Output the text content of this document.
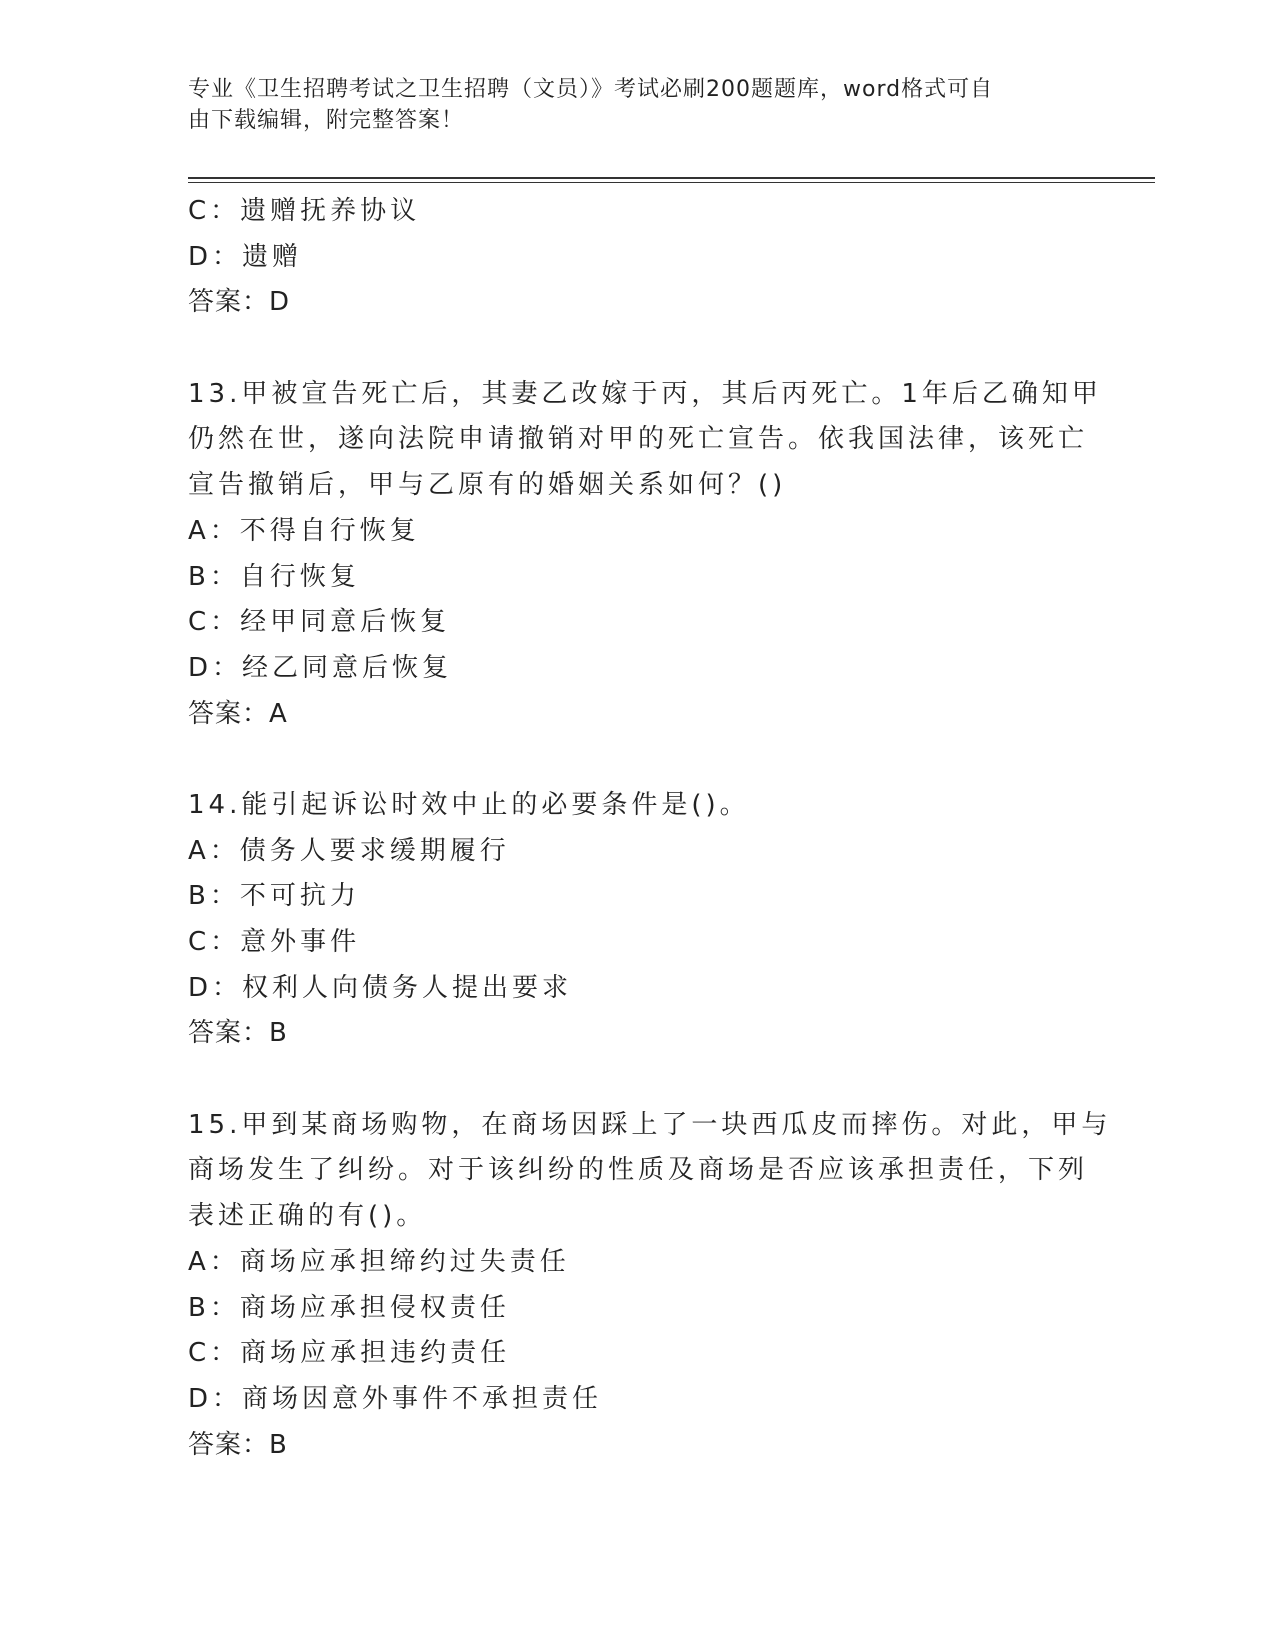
专业《卫生招聘考试之卫生招聘（文员）》考试必刷200题题库，word格式可自
由下载编辑，附完整答案！
C：遗赠抚养协议
D：遗赠
答案：D
13.甲被宣告死亡后，其妻乙改嫁于丙，其后丙死亡。1年后乙确知甲
仍然在世，遂向法院申请撤销对甲的死亡宣告。依我国法律，该死亡
宣告撤销后，甲与乙原有的婚姻关系如何？()
A：不得自行恢复
B：自行恢复
C：经甲同意后恢复
D：经乙同意后恢复
答案：A
14.能引起诉讼时效中止的必要条件是()。
A：债务人要求缓期履行
B：不可抗力
C：意外事件
D：权利人向债务人提出要求
答案：B
15.甲到某商场购物，在商场因踩上了一块西瓜皮而摔伤。对此，甲与
商场发生了纠纷。对于该纠纷的性质及商场是否应该承担责任，下列
表述正确的有()。
A：商场应承担缔约过失责任
B：商场应承担侵权责任
C：商场应承担违约责任
D：商场因意外事件不承担责任
答案：B
